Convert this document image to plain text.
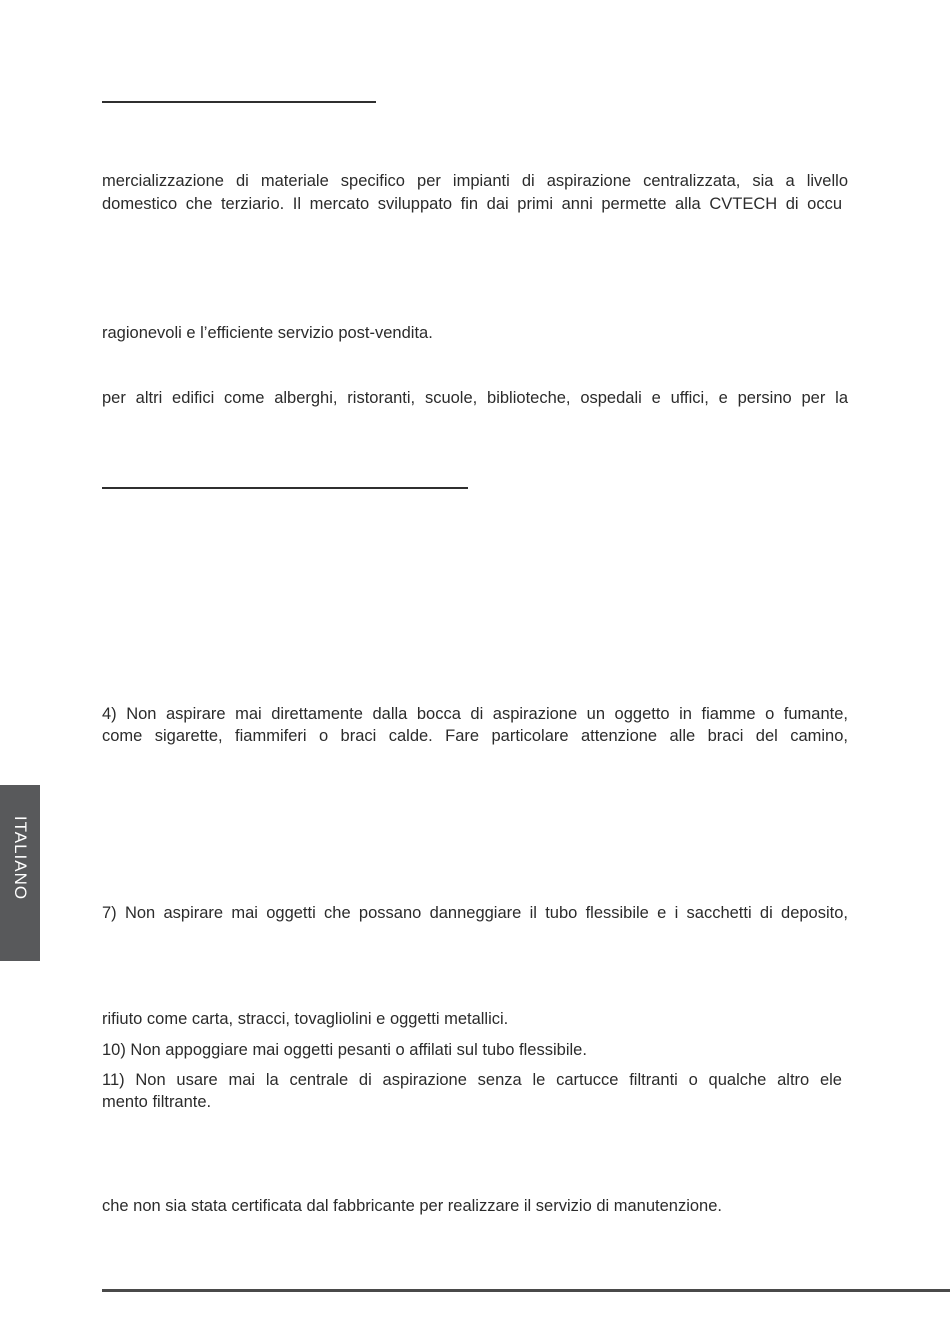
mercializzazione di materiale specifico per impianti di aspirazione centralizzata, sia a livello
domestico che terziario. Il mercato sviluppato fin dai primi anni permette alla CVTECH di occu
ragionevoli e l’efficiente servizio post-vendita.
per altri edifici come alberghi, ristoranti, scuole, biblioteche, ospedali e uffici, e persino per la
4) Non aspirare mai direttamente dalla bocca di aspirazione un oggetto in fiamme o fumante,
come sigarette, fiammiferi o braci calde. Fare particolare attenzione alle braci del camino,
7) Non aspirare mai oggetti che possano danneggiare il tubo flessibile e i sacchetti di deposito,
rifiuto come carta, stracci, tovagliolini e oggetti metallici.
10) Non appoggiare mai oggetti pesanti o affilati sul tubo flessibile.
11) Non usare mai la centrale di aspirazione senza le cartucce filtranti o qualche altro ele
mento filtrante.
che non sia stata certificata dal fabbricante per realizzare il servizio di manutenzione.
ITALIANO
